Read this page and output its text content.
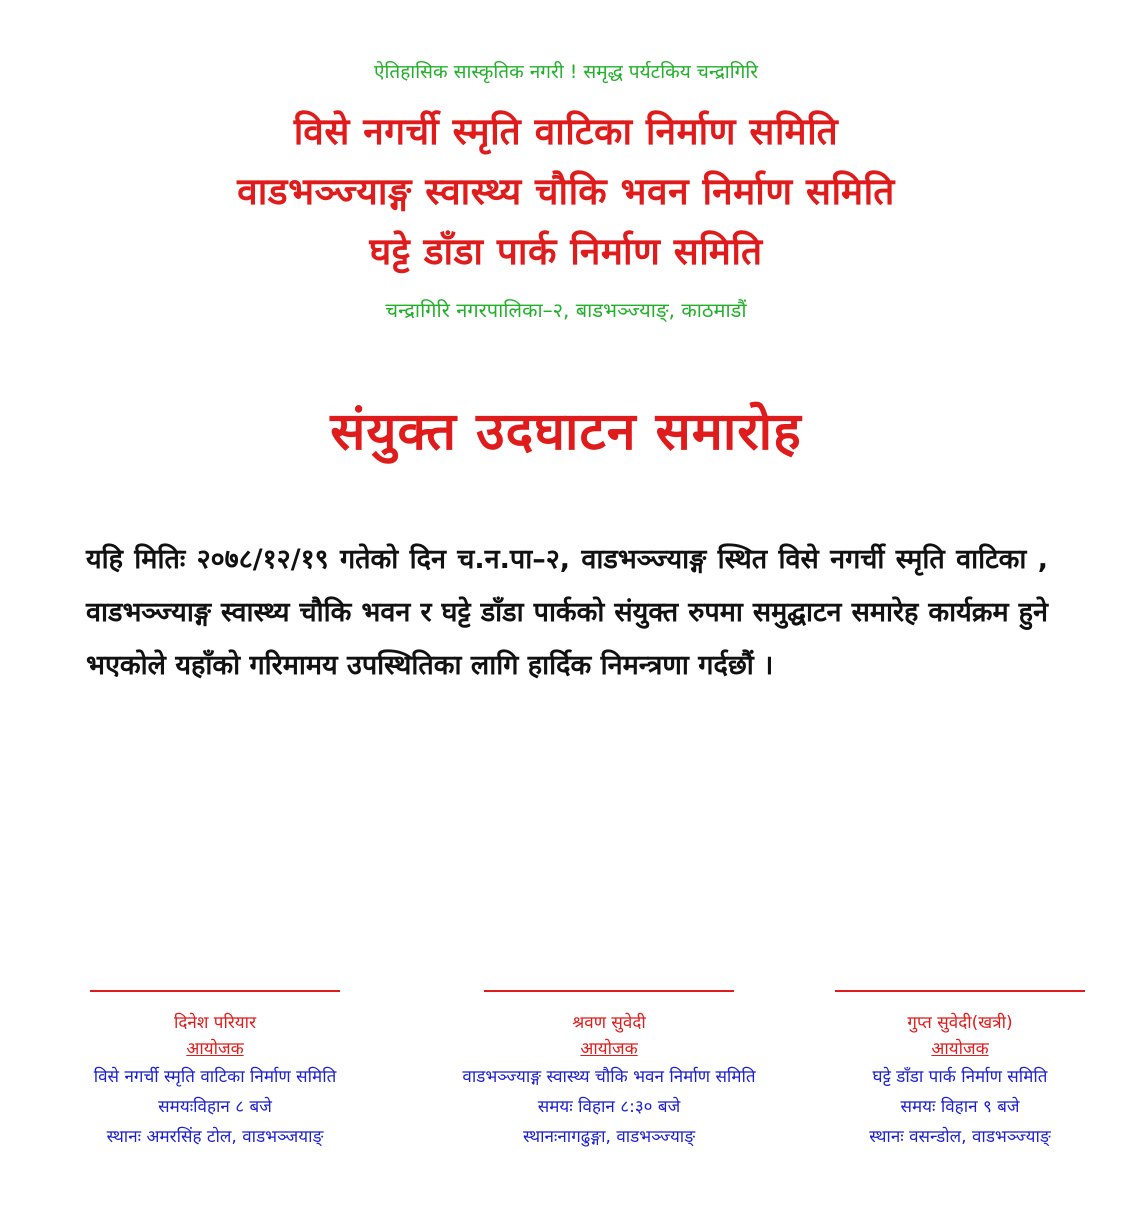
ऐतिहासिक सास्कृतिक नगरी ! समृद्ध पर्यटकिय चन्द्रागिरि
विसे नगर्ची स्मृति वाटिका निर्माण समिति
वाडभञ्ज्याङ्ग स्वास्थ्य चौकि भवन निर्माण समिति
घट्टे डाँडा पार्क निर्माण समिति
चन्द्रागिरि नगरपालिका–२, बाडभञ्ज्याङ्, काठमाडौं
संयुक्त उदघाटन समारोह
यहि मितिः २०७८/१२/१९ गतेको दिन च.न.पा–२, वाडभञ्ज्याङ्ग स्थित विसे नगर्ची स्मृति वाटिका , वाडभञ्ज्याङ्ग स्वास्थ्य चौकि भवन र घट्टे डाँडा पार्कको संयुक्त रुपमा समुद्घाटन समारेह कार्यक्रम हुने भएकोले यहाँको गरिमामय उपस्थितिका लागि हार्दिक निमन्त्रणा गर्दछौं ।
दिनेश परियार
आयोजक
विसे नगर्ची स्मृति वाटिका निर्माण समिति
समयःविहान ८ बजे
स्थानः अमरसिंह टोल, वाडभञ्जयाङ्
श्रवण सुवेदी
आयोजक
वाडभञ्ज्याङ्ग स्वास्थ्य चौकि भवन निर्माण समिति
समयः विहान ८:३० बजे
स्थानःनागढुङ्गा, वाडभञ्ज्याङ्
गुप्त सुवेदी(खत्री)
आयोजक
घट्टे डाँडा पार्क निर्माण समिति
समयः विहान ९ बजे
स्थानः वसन्डोल, वाडभञ्ज्याङ्
